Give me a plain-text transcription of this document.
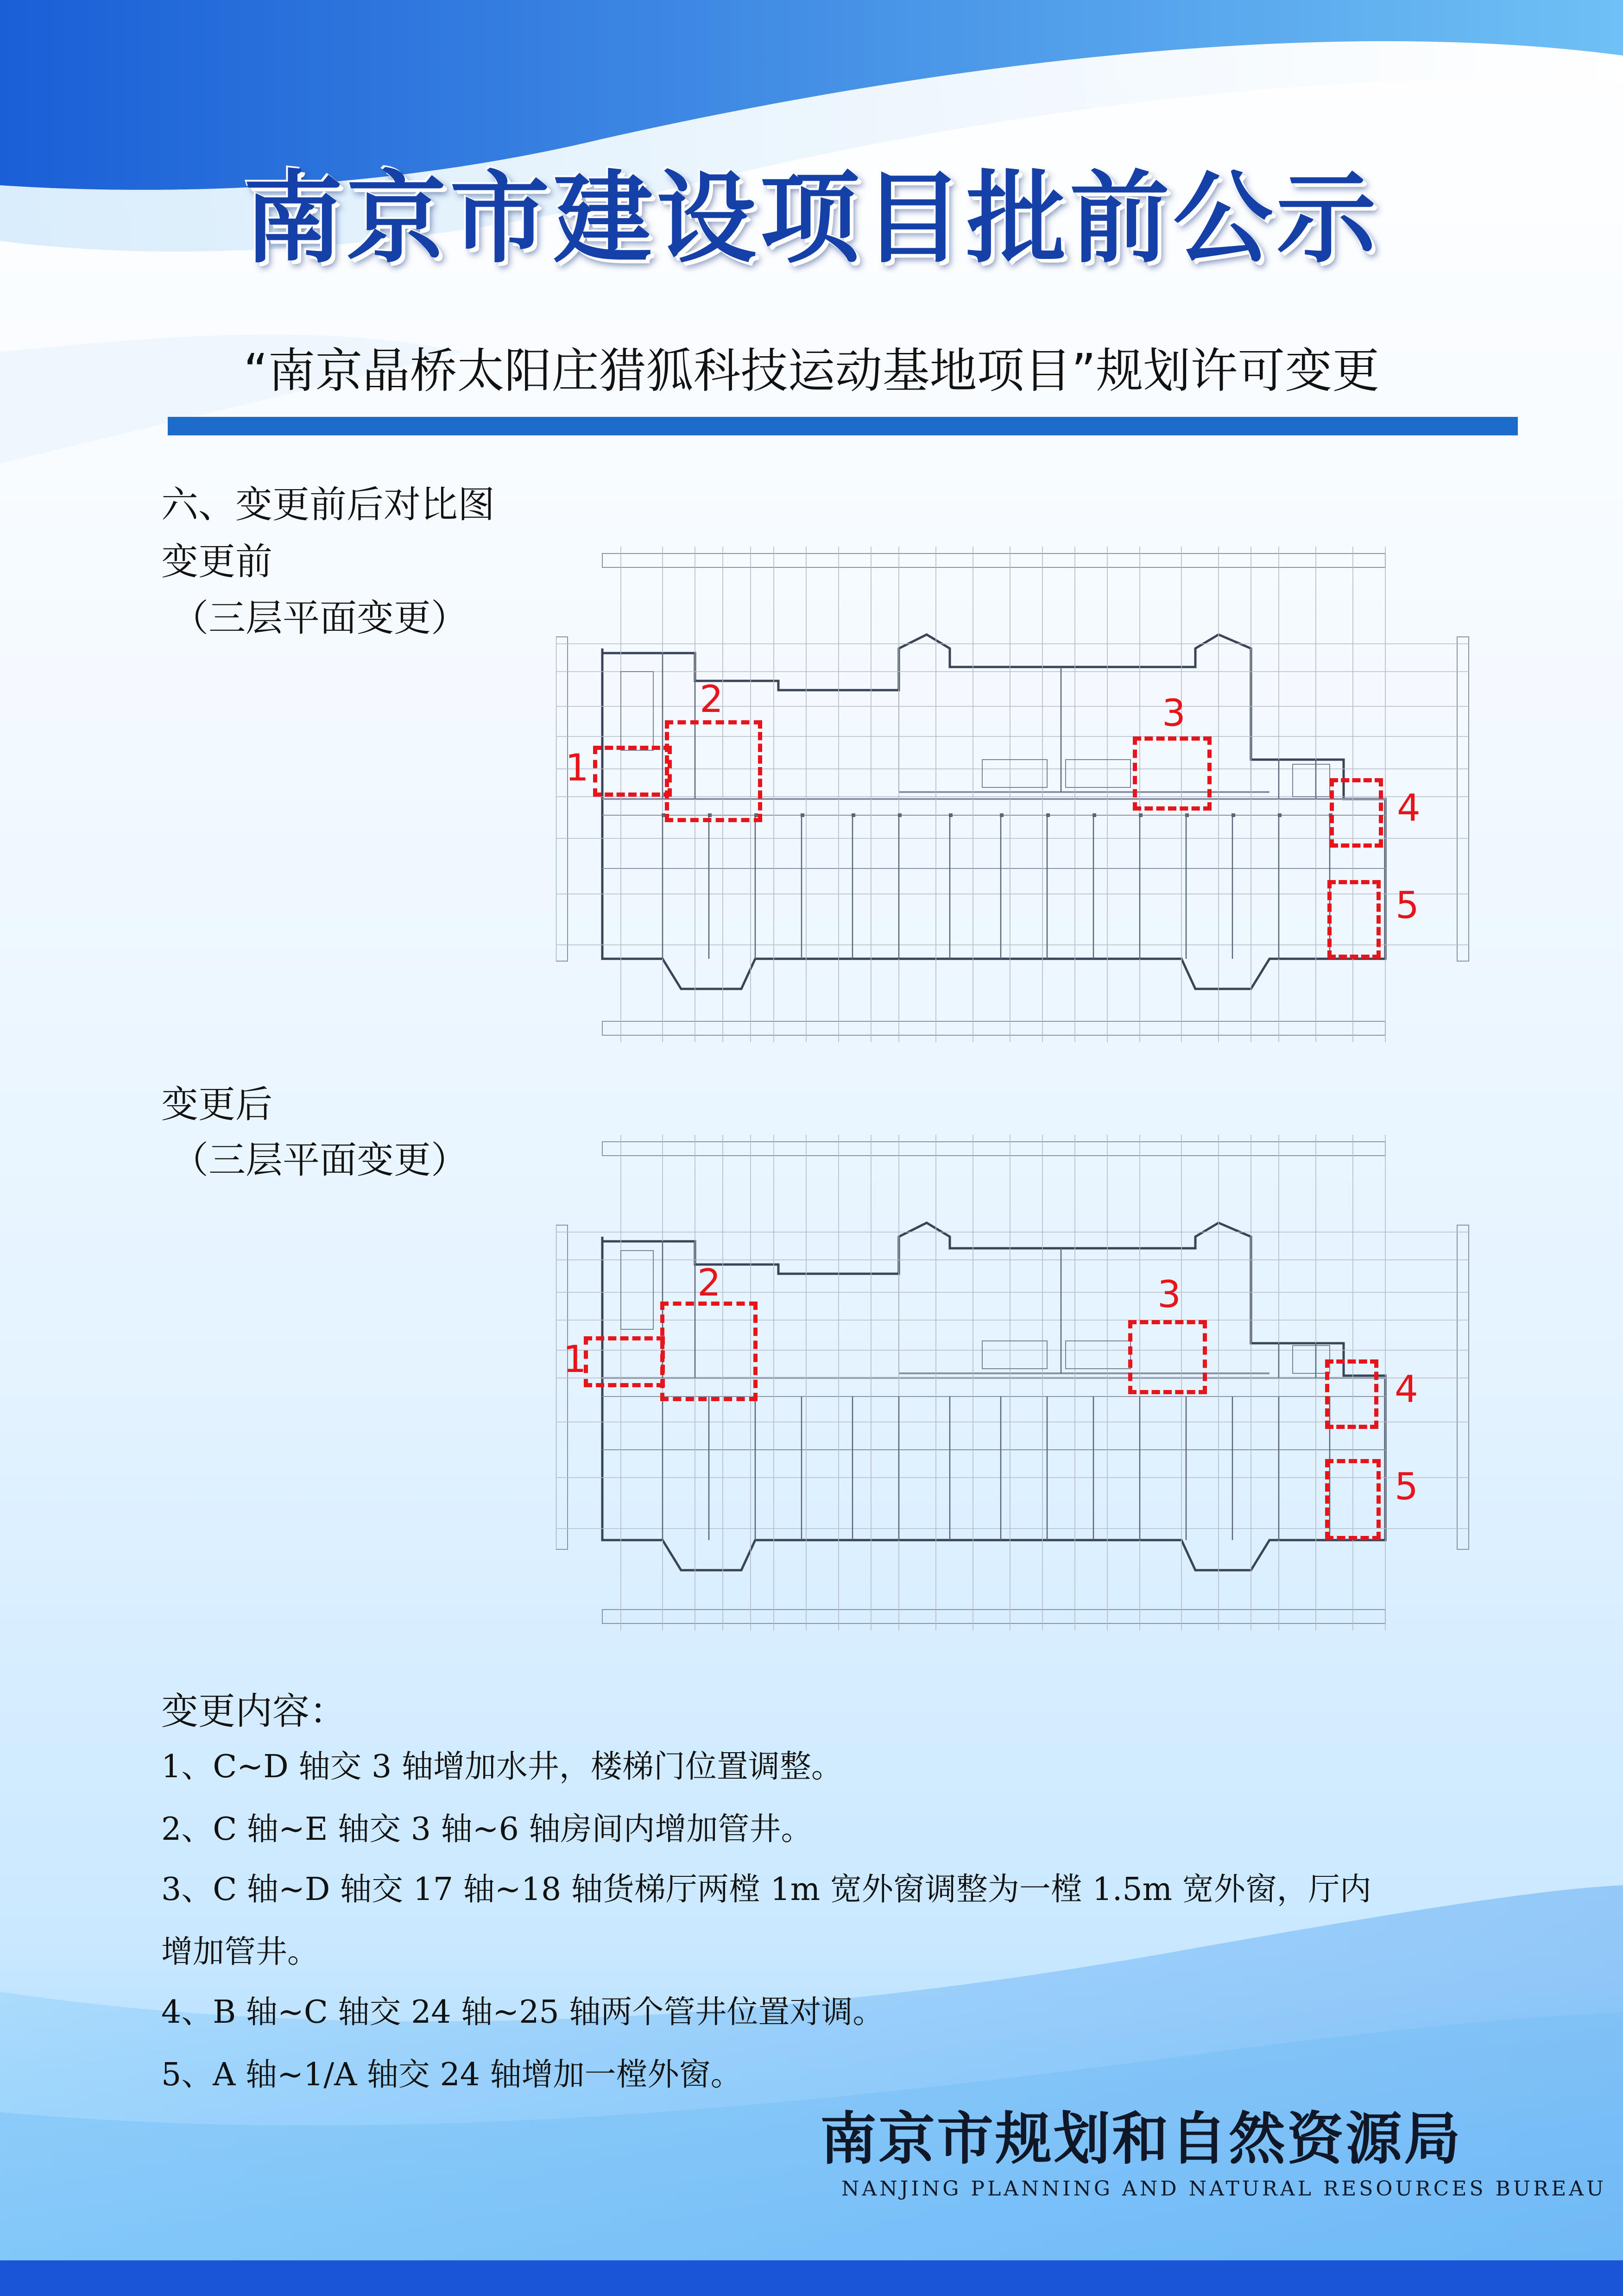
南京市建设项目批前公示
“南京晶桥太阳庄猎狐科技运动基地项目”规划许可变更
六、变更前后对比图
变更前
（三层平面变更）
变更后
（三层平面变更）
1
2	3
4
5
1
2	3
4
5
变更内容：
1、C~D 轴交 3 轴增加水井，楼梯门位置调整。
2、C 轴~E 轴交 3 轴~6 轴房间内增加管井。
3、C 轴~D 轴交 17 轴~18 轴货梯厅两樘 1m 宽外窗调整为一樘 1.5m 宽外窗，厅内
增加管井。
4、B 轴~C 轴交 24 轴~25 轴两个管井位置对调。
5、A 轴~1/A 轴交 24 轴增加一樘外窗。
南京市规划和自然资源局
NANJING PLANNING AND NATURAL RESOURCES BUREAU
